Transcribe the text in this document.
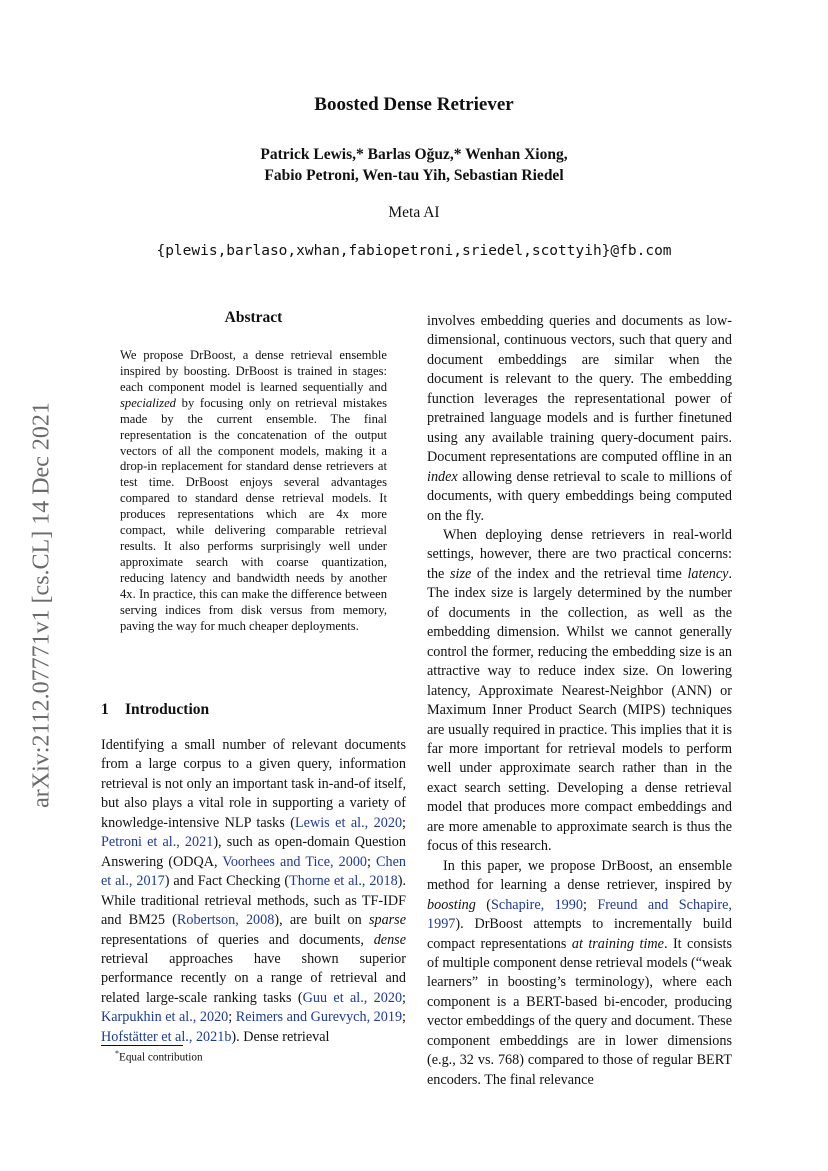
Boosted Dense Retriever
Patrick Lewis,* Barlas Oğuz,* Wenhan Xiong,
Fabio Petroni, Wen-tau Yih, Sebastian Riedel
Meta AI
{plewis,barlaso,xwhan,fabiopetroni,sriedel,scottyih}@fb.com
arXiv:2112.07771v1 [cs.CL] 14 Dec 2021
Abstract
We propose DrBoost, a dense retrieval ensemble inspired by boosting. DrBoost is trained in stages: each component model is learned sequentially and specialized by focusing only on retrieval mistakes made by the current ensemble. The final representation is the concatenation of the output vectors of all the component models, making it a drop-in replacement for standard dense retrievers at test time. DrBoost enjoys several advantages compared to standard dense retrieval models. It produces representations which are 4x more compact, while delivering comparable retrieval results. It also performs surprisingly well under approximate search with coarse quantization, reducing latency and bandwidth needs by another 4x. In practice, this can make the difference between serving indices from disk versus from memory, paving the way for much cheaper deployments.
1 Introduction

Identifying a small number of relevant documents from a large corpus to a given query, information retrieval is not only an important task in-and-of itself, but also plays a vital role in supporting a variety of knowledge-intensive NLP tasks (Lewis et al., 2020; Petroni et al., 2021), such as open-domain Question Answering (ODQA, Voorhees and Tice, 2000; Chen et al., 2017) and Fact Checking (Thorne et al., 2018). While traditional retrieval methods, such as TF-IDF and BM25 (Robertson, 2008), are built on sparse representations of queries and documents, dense retrieval approaches have shown superior performance recently on a range of retrieval and related large-scale ranking tasks (Guu et al., 2020; Karpukhin et al., 2020; Reimers and Gurevych, 2019; Hofstätter et al., 2021b). Dense retrieval

involves embedding queries and documents as low-dimensional, continuous vectors, such that query and document embeddings are similar when the document is relevant to the query. The embedding function leverages the representational power of pretrained language models and is further finetuned using any available training query-document pairs. Document representations are computed offline in an index allowing dense retrieval to scale to millions of documents, with query embeddings being computed on the fly.

When deploying dense retrievers in real-world settings, however, there are two practical concerns: the size of the index and the retrieval time latency. The index size is largely determined by the number of documents in the collection, as well as the embedding dimension. Whilst we cannot generally control the former, reducing the embedding size is an attractive way to reduce index size. On lowering latency, Approximate Nearest-Neighbor (ANN) or Maximum Inner Product Search (MIPS) techniques are usually required in practice. This implies that it is far more important for retrieval models to perform well under approximate search rather than in the exact search setting. Developing a dense retrieval model that produces more compact embeddings and are more amenable to approximate search is thus the focus of this research.

In this paper, we propose DrBoost, an ensemble method for learning a dense retriever, inspired by boosting (Schapire, 1990; Freund and Schapire, 1997). DrBoost attempts to incrementally build compact representations at training time. It consists of multiple component dense retrieval models (“weak learners” in boosting’s terminology), where each component is a BERT-based bi-encoder, producing vector embeddings of the query and document. These component embeddings are in lower dimensions (e.g., 32 vs. 768) compared to those of regular BERT encoders. The final relevance

*Equal contribution
